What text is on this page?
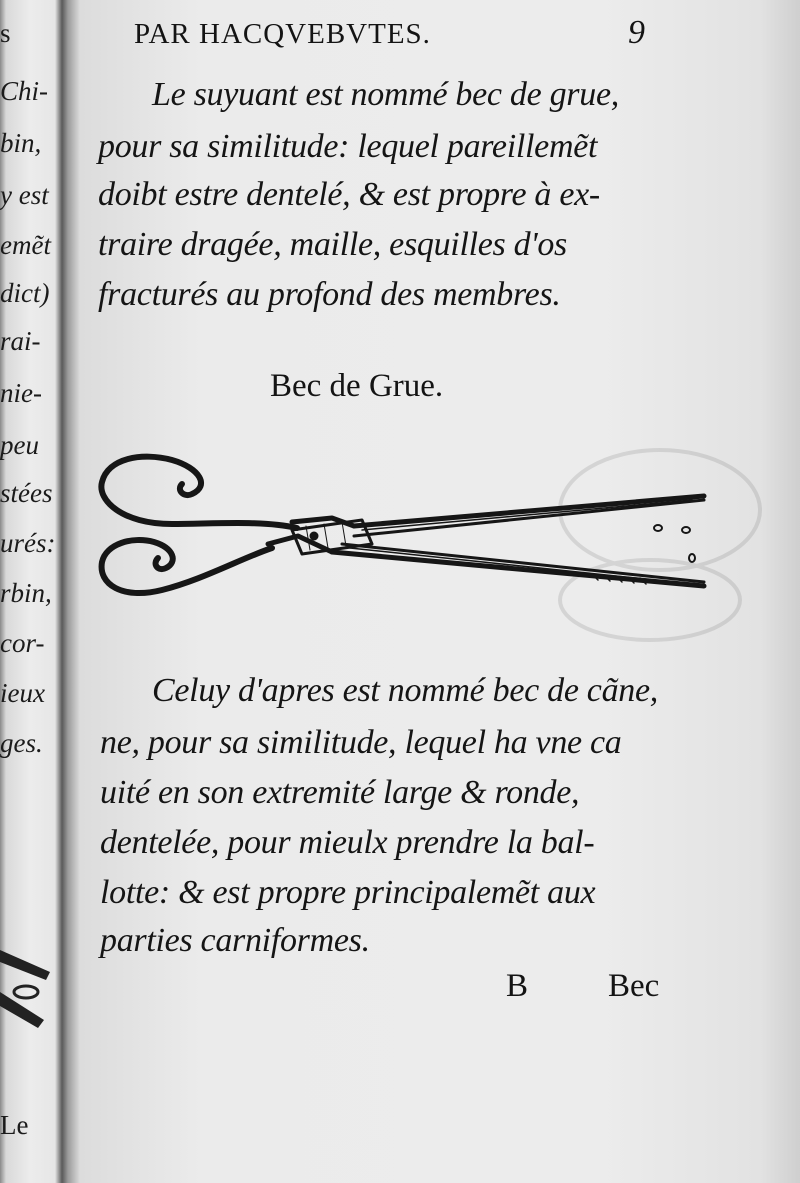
s
Chi-
bin,
y est
emẽt
dict)
rai-
nie-
peu
stées
urés:
rbin,
cor-
ieux
ges.
Le
PAR HACQVEBVTES.	9
Le suyuant est nommé bec de grue,
pour sa similitude: lequel pareillemẽt
doibt estre dentelé, & est propre à ex-
traire dragée, maille, esquilles d'os
fracturés au profond des membres.
Bec de Grue.
Celuy d'apres est nommé bec de cãne,
ne, pour sa similitude, lequel ha vne ca
uité en son extremité large & ronde,
dentelée, pour mieulx prendre la bal-
lotte: & est propre principalemẽt aux
parties carniformes.
B Bec
